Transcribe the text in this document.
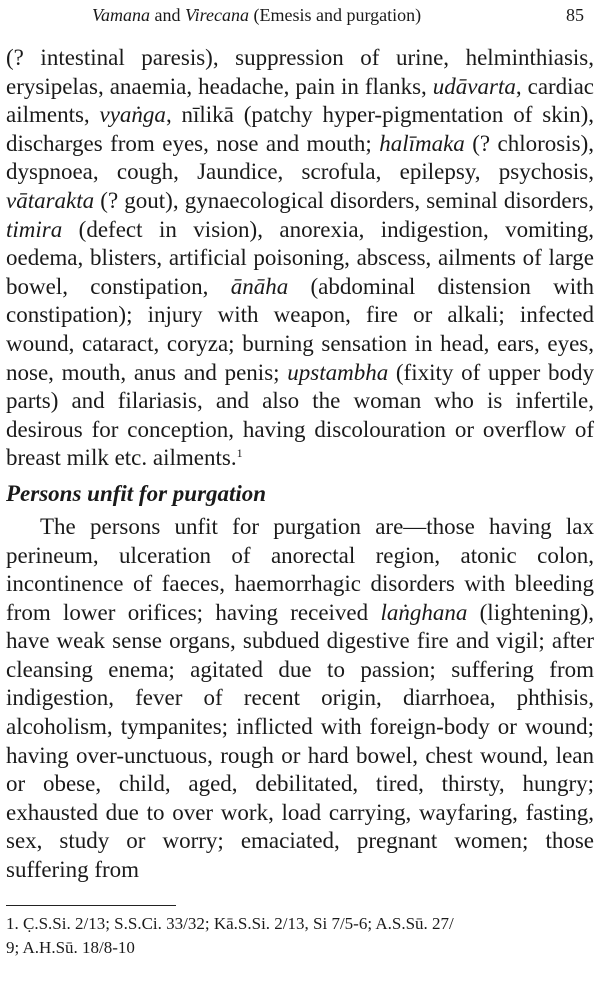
Vamana and Virecana (Emesis and purgation)	85

(? intestinal paresis), suppression of urine, helminthiasis, erysipelas, anaemia, headache, pain in flanks, udāvarta, cardiac ailments, vyaṅga, nīlikā (patchy hyper-pigmentation of skin), discharges from eyes, nose and mouth; halīmaka (? chlorosis), dyspnoea, cough, Jaundice, scrofula, epilepsy, psychosis, vātarakta (? gout), gynaecological disorders, seminal disorders, timira (defect in vision), anorexia, indigestion, vomiting, oedema, blisters, artificial poisoning, abscess, ailments of large bowel, constipation, ānāha (abdominal distension with constipation); injury with weapon, fire or alkali; infected wound, cataract, coryza; burning sensation in head, ears, eyes, nose, mouth, anus and penis; upstambha (fixity of upper body parts) and filariasis, and also the woman who is infertile, desirous for conception, having discolouration or overflow of breast milk etc. ailments.$^1$

Persons unfit for purgation

The persons unfit for purgation are—those having lax perineum, ulceration of anorectal region, atonic colon, incontinence of faeces, haemorrhagic disorders with bleeding from lower orifices; having received laṅghana (lightening), have weak sense organs, subdued digestive fire and vigil; after cleansing enema; agitated due to passion; suffering from indigestion, fever of recent origin, diarrhoea, phthisis, alcoholism, tympanites; inflicted with foreign-body or wound; having over-unctuous, rough or hard bowel, chest wound, lean or obese, child, aged, debilitated, tired, thirsty, hungry; exhausted due to over work, load carrying, wayfaring, fasting, sex, study or worry; emaciated, pregnant women; those suffering from

1. C̣.S.Si. 2/13; S.S.Ci. 33/32; Kā.S.Si. 2/13, Si 7/5-6; A.S.Sū. 27/
9; A.H.Sū. 18/8-10
